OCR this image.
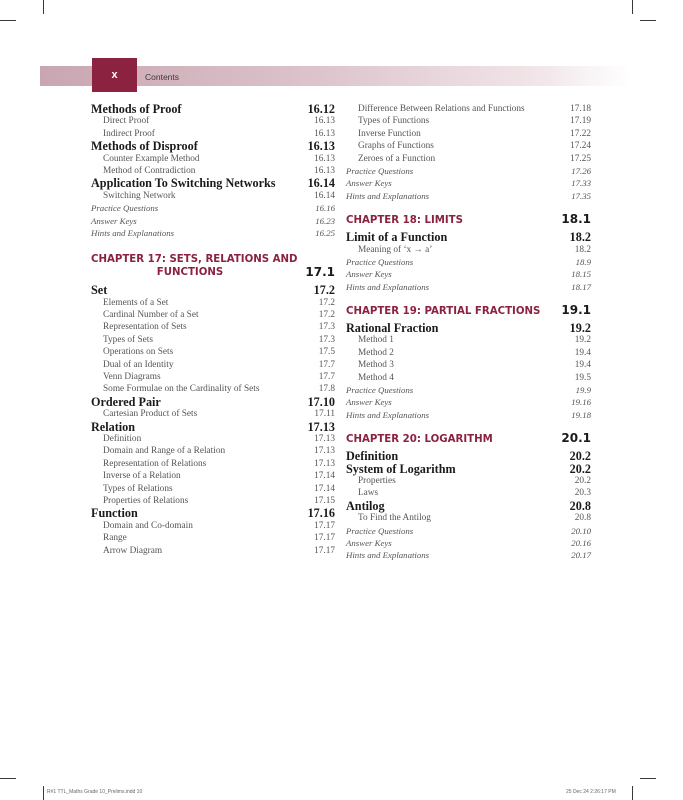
x	Contents
Methods of Proof	16.12
Direct Proof	16.13
Indirect Proof	16.13
Methods of Disproof	16.13
Counter Example Method	16.13
Method of Contradiction	16.13
Application To Switching Networks	16.14
Switching Network	16.14
Practice Questions	16.16
Answer Keys	16.23
Hints and Explanations	16.25
CHAPTER 17: SETS, RELATIONS AND
FUNCTIONS	17.1
Set	17.2
Elements of a Set	17.2
Cardinal Number of a Set	17.2
Representation of Sets	17.3
Types of Sets	17.3
Operations on Sets	17.5
Dual of an Identity	17.7
Venn Diagrams	17.7
Some Formulae on the Cardinality of Sets	17.8
Ordered Pair	17.10
Cartesian Product of Sets	17.11
Relation	17.13
Definition	17.13
Domain and Range of a Relation	17.13
Representation of Relations	17.13
Inverse of a Relation	17.14
Types of Relations	17.14
Properties of Relations	17.15
Function	17.16
Domain and Co-domain	17.17
Range	17.17
Arrow Diagram	17.17
Difference Between Relations and Functions	17.18
Types of Functions	17.19
Inverse Function	17.22
Graphs of Functions	17.24
Zeroes of a Function	17.25
Practice Questions	17.26
Answer Keys	17.33
Hints and Explanations	17.35
CHAPTER 18: LIMITS	18.1
Limit of a Function	18.2
Meaning of ‘x → a’	18.2
Practice Questions	18.9
Answer Keys	18.15
Hints and Explanations	18.17
CHAPTER 19: PARTIAL FRACTIONS 19.1
Rational Fraction	19.2
Method 1	19.2
Method 2	19.4
Method 3	19.4
Method 4	19.5
Practice Questions	19.9
Answer Keys	19.16
Hints and Explanations	19.18
CHAPTER 20: LOGARITHM	20.1
Definition	20.2
System of Logarithm	20.2
Properties	20.2
Laws	20.3
Antilog	20.8
To Find the Antilog	20.8
Practice Questions	20.10
Answer Keys	20.16
Hints and Explanations	20.17
R#1 TTL_Maths Grade 10_Prelims.indd 10	25 Dec 24 2:26:17 PM
